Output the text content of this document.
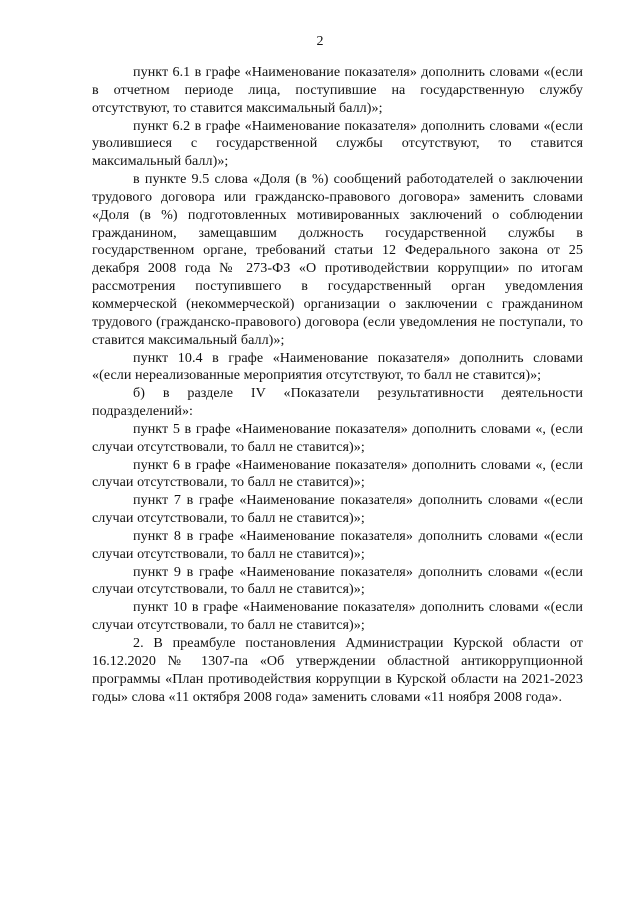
2

пункт 6.1 в графе «Наименование показателя» дополнить словами «(если в отчетном периоде лица, поступившие на государственную службу отсутствуют, то ставится максимальный балл)»;

пункт 6.2 в графе «Наименование показателя» дополнить словами «(если уволившиеся с государственной службы отсутствуют, то ставится максимальный балл)»;

в пункте 9.5 слова «Доля (в %) сообщений работодателей о заключении трудового договора или гражданско-правового договора» заменить словами «Доля (в %) подготовленных мотивированных заключений о соблюдении гражданином, замещавшим должность государственной службы в государственном органе, требований статьи 12 Федерального закона от 25 декабря 2008 года № 273-ФЗ «О противодействии коррупции» по итогам рассмотрения поступившего в государственный орган уведомления коммерческой (некоммерческой) организации о заключении с гражданином трудового (гражданско-правового) договора (если уведомления не поступали, то ставится максимальный балл)»;

пункт 10.4 в графе «Наименование показателя» дополнить словами «(если нереализованные мероприятия отсутствуют, то балл не ставится)»;

б) в разделе IV «Показатели результативности деятельности подразделений»:

пункт 5 в графе «Наименование показателя» дополнить словами «, (если случаи отсутствовали, то балл не ставится)»;

пункт 6 в графе «Наименование показателя» дополнить словами «, (если случаи отсутствовали, то балл не ставится)»;

пункт 7 в графе «Наименование показателя» дополнить словами «(если случаи отсутствовали, то балл не ставится)»;

пункт 8 в графе «Наименование показателя» дополнить словами «(если случаи отсутствовали, то балл не ставится)»;

пункт 9 в графе «Наименование показателя» дополнить словами «(если случаи отсутствовали, то балл не ставится)»;

пункт 10 в графе «Наименование показателя» дополнить словами «(если случаи отсутствовали, то балл не ставится)»;

2. В преамбуле постановления Администрации Курской области от 16.12.2020 № 1307-па «Об утверждении областной антикоррупционной программы «План противодействия коррупции в Курской области на 2021-2023 годы» слова «11 октября 2008 года» заменить словами «11 ноября 2008 года».
